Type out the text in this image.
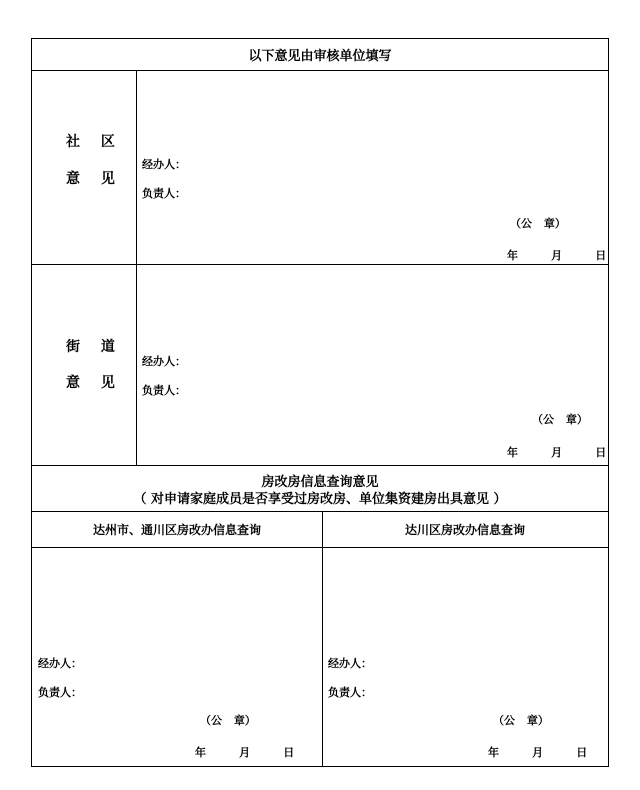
以下意见由审核单位填写
社 区
意 见
经办人：
负责人：
（公 章）
年	月	日
街 道
意 见
经办人：
负责人：
（公 章）
年	月	日
房改房信息查询意见
（ 对申请家庭成员是否享受过房改房、单位集资建房出具意见 ）
达州市、通川区房改办信息查询	达川区房改办信息查询
经办人：
负责人：
（公 章）
年	月	日
经办人：
负责人：
（公 章）
年	月	日
